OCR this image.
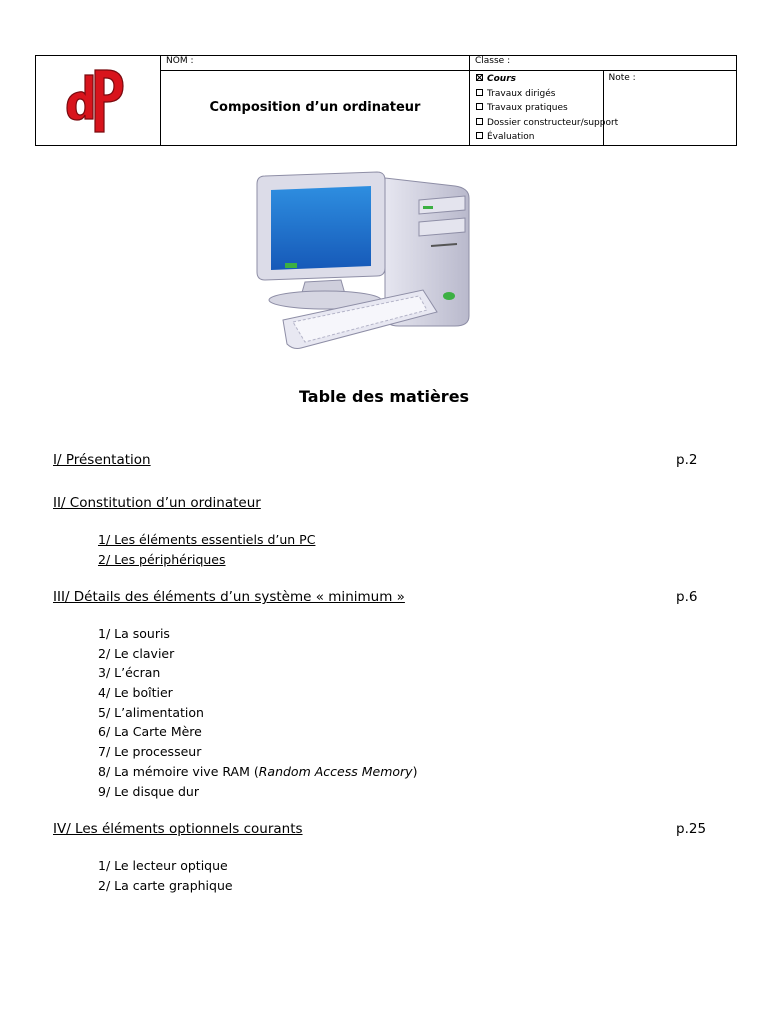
	NOM :	Classe :	
	Composition d’un ordinateur	Cours
Travaux dirigés
Travaux pratiques
Dossier constructeur/support
Évaluation	Note :
Table des matières
I/ Présentation	p.2
II/ Constitution d’un ordinateur
1/ Les éléments essentiels d’un PC
2/ Les périphériques
III/ Détails des éléments d’un système « minimum »	p.6
1/ La souris
2/ Le clavier
3/ L’écran
4/ Le boîtier
5/ L’alimentation
6/ La Carte Mère
7/ Le processeur
8/ La mémoire vive RAM (Random Access Memory)
9/ Le disque dur
IV/ Les éléments optionnels courants	p.25
1/ Le lecteur optique
2/ La carte graphique
